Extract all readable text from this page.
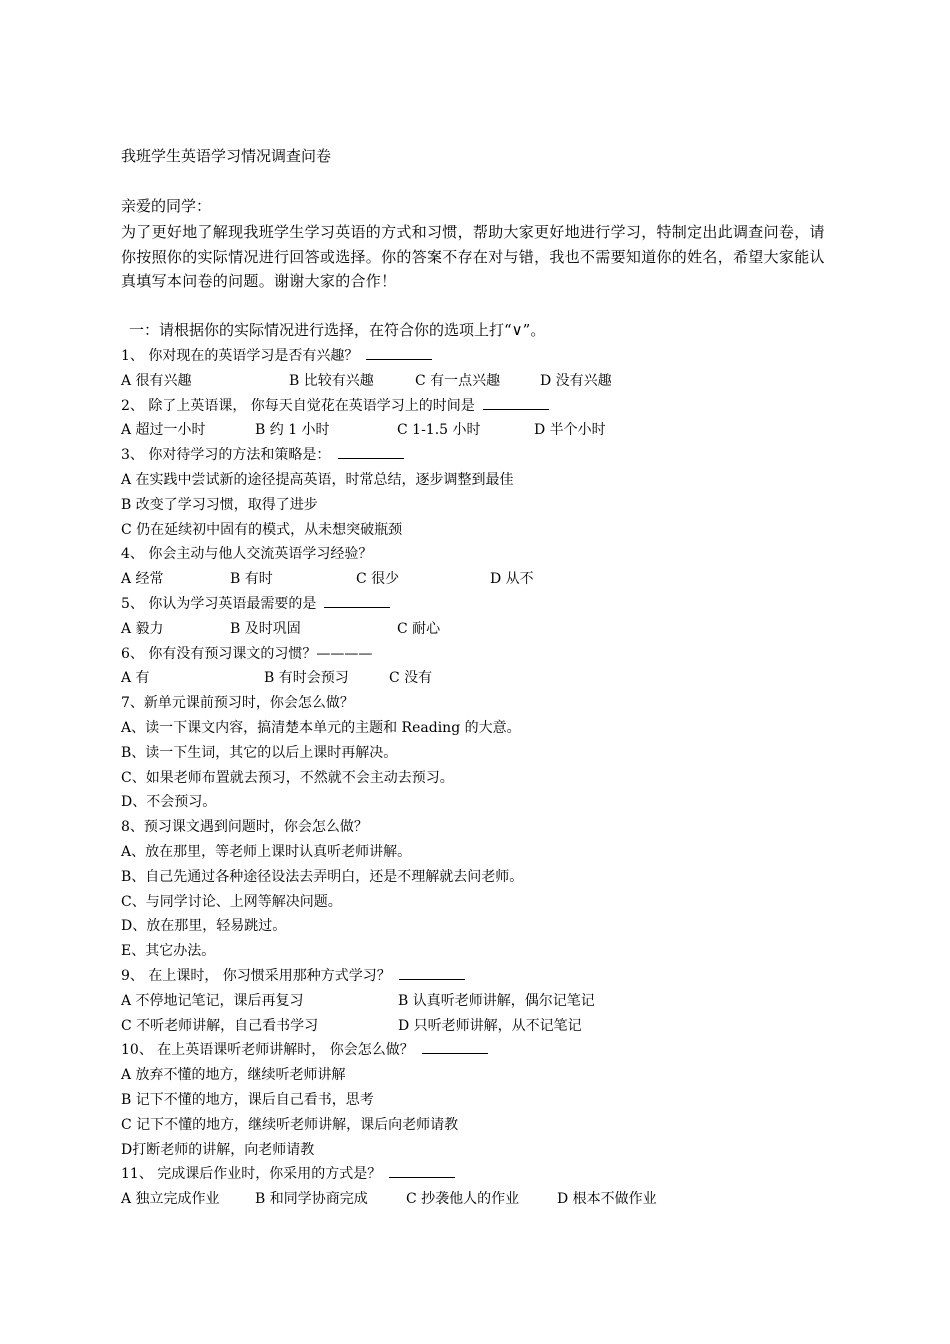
我班学生英语学习情况调查问卷
亲爱的同学：
为了更好地了解现我班学生学习英语的方式和习惯，帮助大家更好地进行学习，特制定出此调查问卷，请你按照你的实际情况进行回答或选择。你的答案不存在对与错，我也不需要知道你的姓名，希望大家能认真填写本问卷的问题。谢谢大家的合作！
一：请根据你的实际情况进行选择，在符合你的选项上打“∨”。
1、 你对现在的英语学习是否有兴趣？
A 很有兴趣	B 比较有兴趣	C 有一点兴趣	D 没有兴趣
2、 除了上英语课， 你每天自觉花在英语学习上的时间是
A 超过一小时	B 约 1 小时	C 1-1.5 小时	D 半个小时
3、 你对待学习的方法和策略是：
A 在实践中尝试新的途径提高英语，时常总结，逐步调整到最佳
B 改变了学习习惯，取得了进步
C 仍在延续初中固有的模式，从未想突破瓶颈
4、 你会主动与他人交流英语学习经验？
A 经常	B 有时	C 很少	D 从不
5、 你认为学习英语最需要的是
A 毅力	B 及时巩固	C 耐心
6、 你有没有预习课文的习惯？————
A 有	B 有时会预习	C 没有
7、新单元课前预习时，你会怎么做？
A、读一下课文内容，搞清楚本单元的主题和 Reading 的大意。
B、读一下生词，其它的以后上课时再解决。
C、如果老师布置就去预习，不然就不会主动去预习。
D、不会预习。
8、预习课文遇到问题时，你会怎么做？
A、放在那里，等老师上课时认真听老师讲解。
B、自己先通过各种途径设法去弄明白，还是不理解就去问老师。
C、与同学讨论、上网等解决问题。
D、放在那里，轻易跳过。
E、其它办法。
9、 在上课时， 你习惯采用那种方式学习？
A 不停地记笔记，课后再复习	B 认真听老师讲解，偶尔记笔记
C 不听老师讲解，自己看书学习	D 只听老师讲解，从不记笔记
10、 在上英语课听老师讲解时， 你会怎么做？
A 放弃不懂的地方，继续听老师讲解
B 记下不懂的地方，课后自己看书，思考
C 记下不懂的地方，继续听老师讲解，课后向老师请教
D打断老师的讲解，向老师请教
11、 完成课后作业时，你采用的方式是？
A 独立完成作业	B 和同学协商完成	C 抄袭他人的作业	D 根本不做作业
